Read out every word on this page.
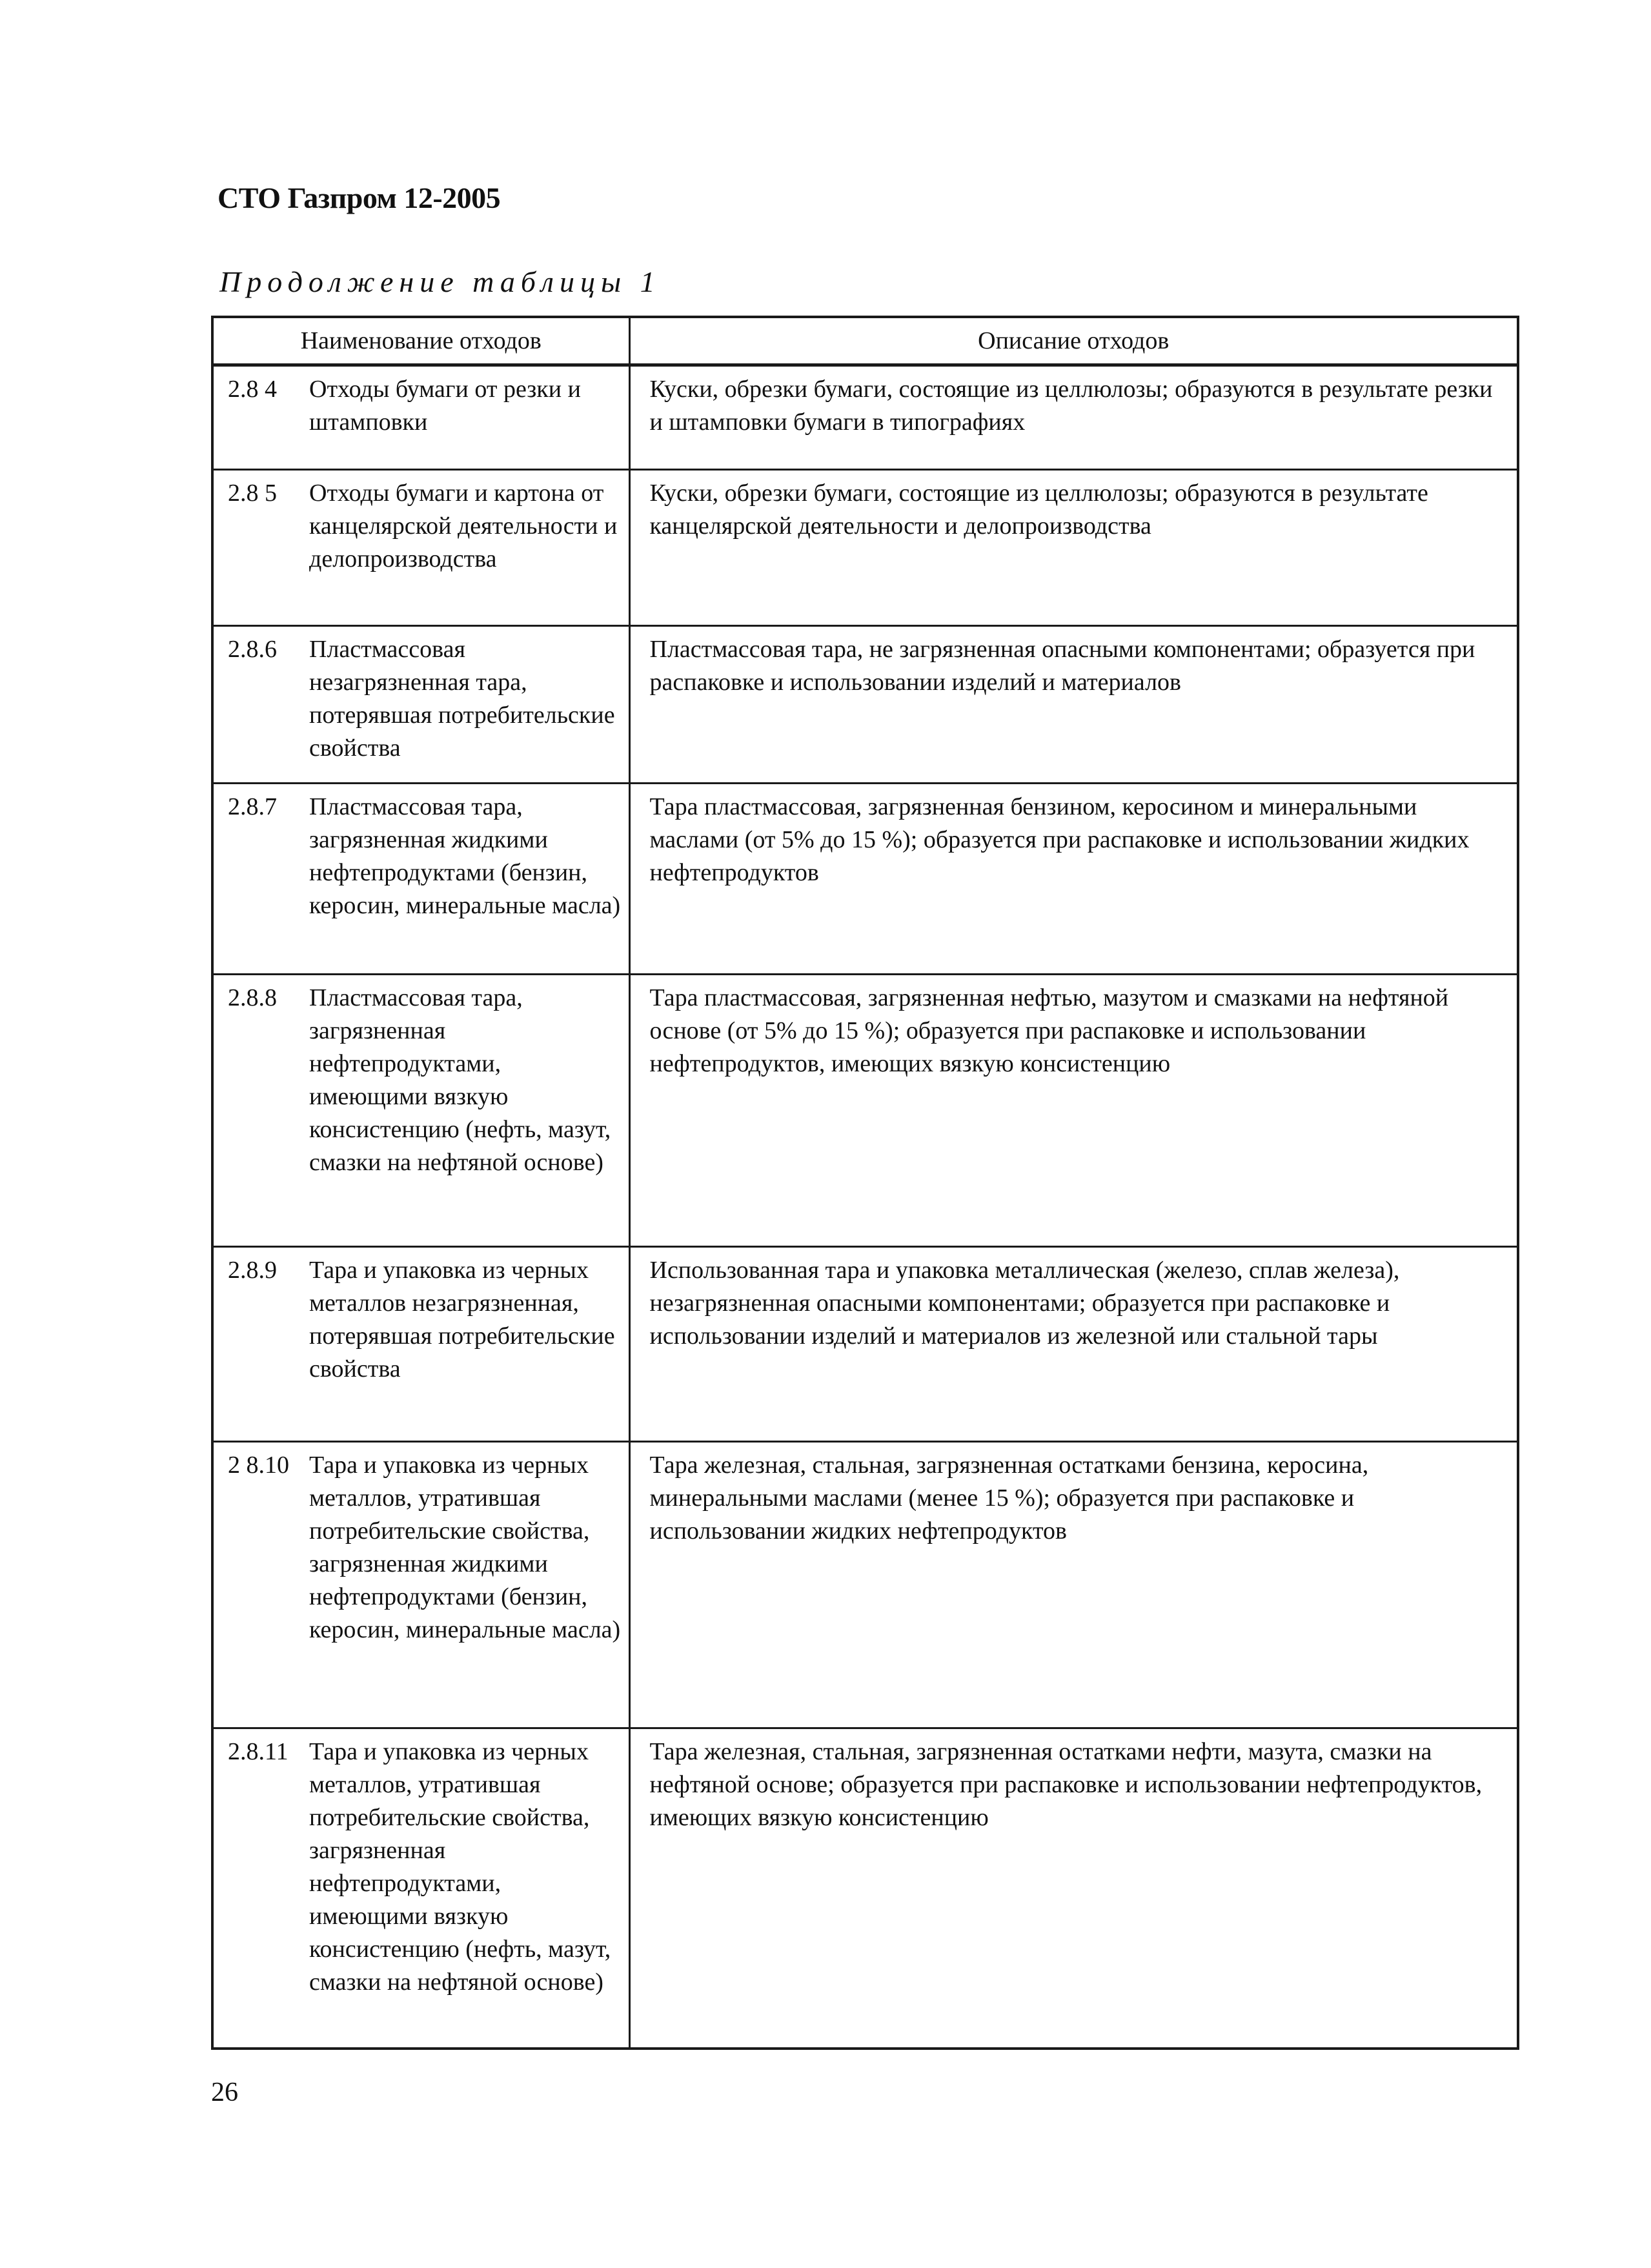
СТО Газпром 12-2005
Продолжение таблицы 1
Наименование отходов	Описание отходов

2.8 4 Отходы бумаги от резки и штамповки	Куски, обрезки бумаги, состоящие из целлюлозы; образуются в результате резки и штамповки бумаги в типографиях

2.8 5 Отходы бумаги и картона от канцелярской деятельности и делопроизводства	Куски, обрезки бумаги, состоящие из целлюлозы; образуются в результате канцелярской деятельности и делопроизводства

2.8.6 Пластмассовая незагрязненная тара, потерявшая потребительские свойства	Пластмассовая тара, не загрязненная опасными компонентами; образуется при распаковке и использовании изделий и материалов

2.8.7 Пластмассовая тара, загрязненная жидкими нефтепродуктами (бензин, керосин, минеральные масла)	Тара пластмассовая, загрязненная бензином, керосином и минеральными маслами (от 5% до 15 %); образуется при распаковке и использовании жидких нефтепродуктов

2.8.8 Пластмассовая тара, загрязненная нефтепродуктами, имеющими вязкую консистенцию (нефть, мазут, смазки на нефтяной основе)	Тара пластмассовая, загрязненная нефтью, мазутом и смазками на нефтяной основе (от 5% до 15 %); образуется при распаковке и использовании нефтепродуктов, имеющих вязкую консистенцию

2.8.9 Тара и упаковка из черных металлов незагрязненная, потерявшая потребительские свойства	Использованная тара и упаковка металлическая (железо, сплав железа), незагрязненная опасными компонентами; образуется при распаковке и использовании изделий и материалов из железной или стальной тары

2 8.10 Тара и упаковка из черных металлов, утратившая потребительские свойства, загрязненная жидкими нефтепродуктами (бензин, керосин, минеральные масла)	Тара железная, стальная, загрязненная остатками бензина, керосина, минеральными маслами (менее 15 %); образуется при распаковке и использовании жидких нефтепродуктов

2.8.11 Тара и упаковка из черных металлов, утратившая потребительские свойства, загрязненная нефтепродуктами, имеющими вязкую консистенцию (нефть, мазут, смазки на нефтяной основе)	Тара железная, стальная, загрязненная остатками нефти, мазута, смазки на нефтяной основе; образуется при распаковке и использовании нефтепродуктов, имеющих вязкую консистенцию
26
